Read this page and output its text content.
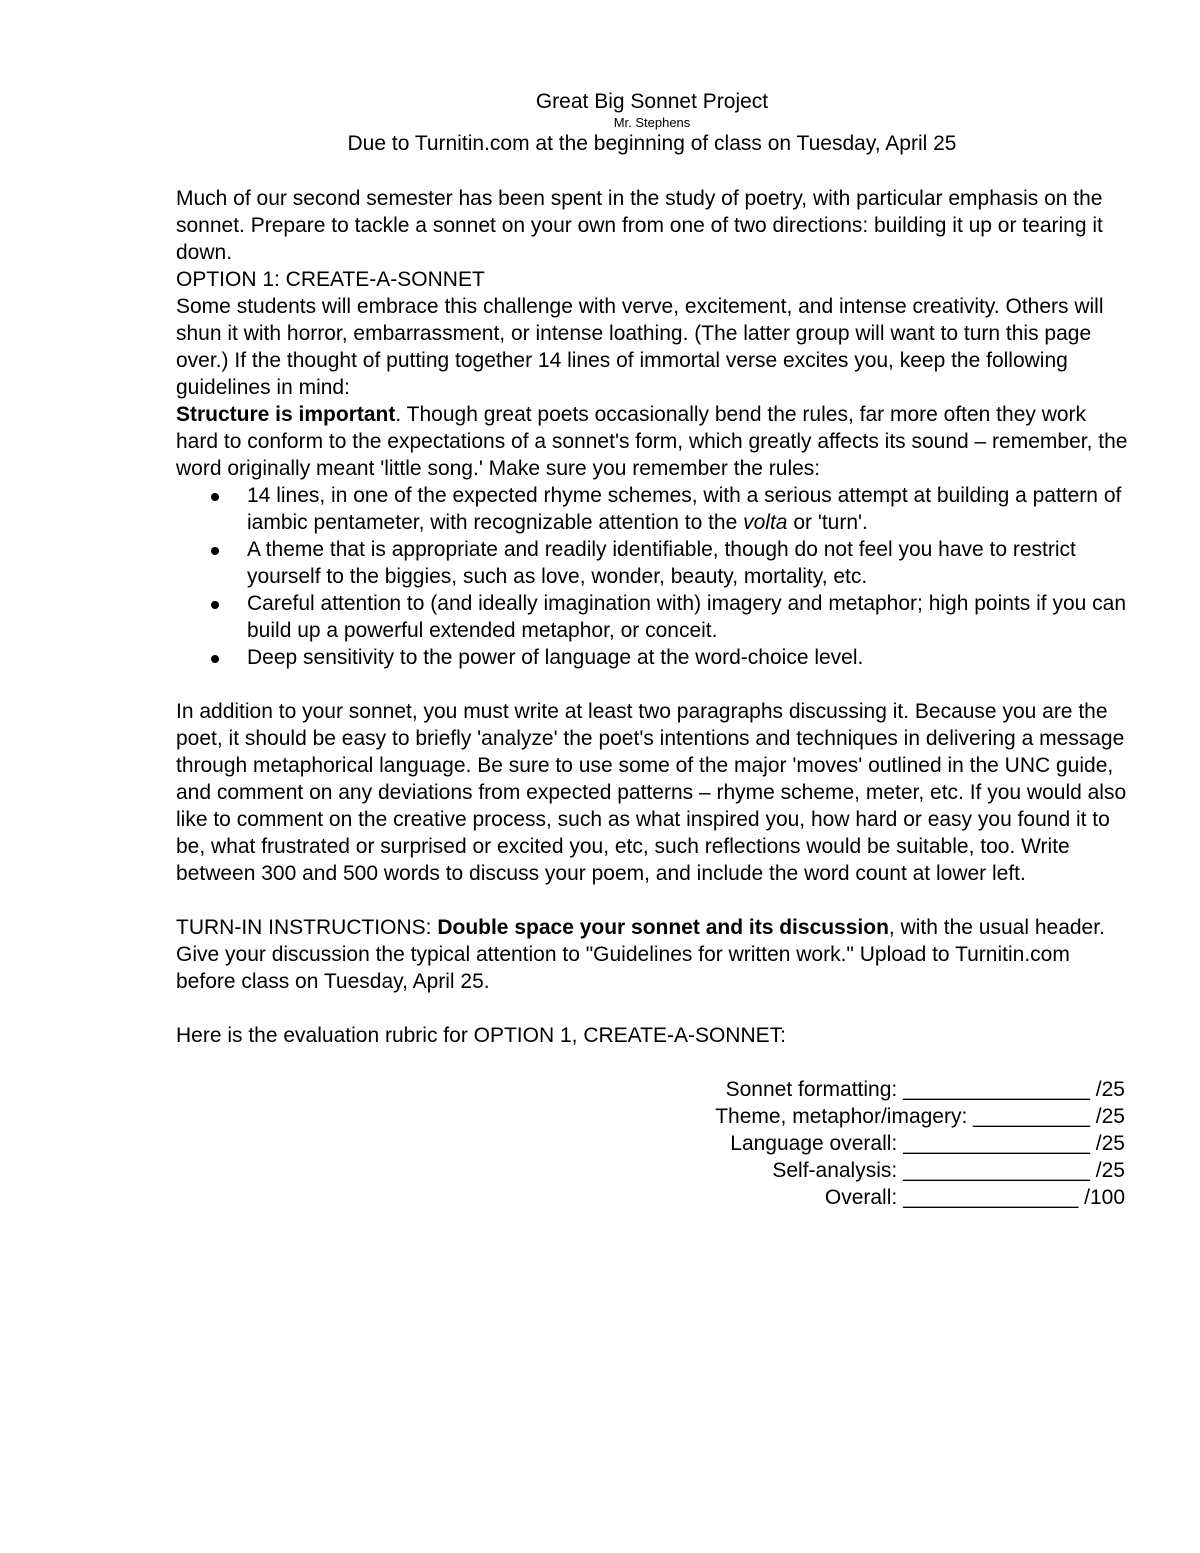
Great Big Sonnet Project

Mr. Stephens

Due to Turnitin.com at the beginning of class on Tuesday, April 25

Much of our second semester has been spent in the study of poetry, with particular emphasis on the sonnet. Prepare to tackle a sonnet on your own from one of two directions: building it up or tearing it down.

OPTION 1: CREATE-A-SONNET

Some students will embrace this challenge with verve, excitement, and intense creativity. Others will shun it with horror, embarrassment, or intense loathing. (The latter group will want to turn this page over.) If the thought of putting together 14 lines of immortal verse excites you, keep the following guidelines in mind:

Structure is important. Though great poets occasionally bend the rules, far more often they work hard to conform to the expectations of a sonnet's form, which greatly affects its sound – remember, the word originally meant 'little song.' Make sure you remember the rules:

14 lines, in one of the expected rhyme schemes, with a serious attempt at building a pattern of iambic pentameter, with recognizable attention to the volta or 'turn'.
A theme that is appropriate and readily identifiable, though do not feel you have to restrict yourself to the biggies, such as love, wonder, beauty, mortality, etc.
Careful attention to (and ideally imagination with) imagery and metaphor; high points if you can build up a powerful extended metaphor, or conceit.
Deep sensitivity to the power of language at the word-choice level.

In addition to your sonnet, you must write at least two paragraphs discussing it. Because you are the poet, it should be easy to briefly 'analyze' the poet's intentions and techniques in delivering a message through metaphorical language. Be sure to use some of the major 'moves' outlined in the UNC guide, and comment on any deviations from expected patterns – rhyme scheme, meter, etc. If you would also like to comment on the creative process, such as what inspired you, how hard or easy you found it to be, what frustrated or surprised or excited you, etc, such reflections would be suitable, too. Write between 300 and 500 words to discuss your poem, and include the word count at lower left.

TURN-IN INSTRUCTIONS: Double space your sonnet and its discussion, with the usual header. Give your discussion the typical attention to "Guidelines for written work." Upload to Turnitin.com before class on Tuesday, April 25.

Here is the evaluation rubric for OPTION 1, CREATE-A-SONNET:

Sonnet formatting: ________________ /25
Theme, metaphor/imagery: __________ /25
Language overall: ________________ /25
Self-analysis: ________________ /25
Overall: _______________ /100
